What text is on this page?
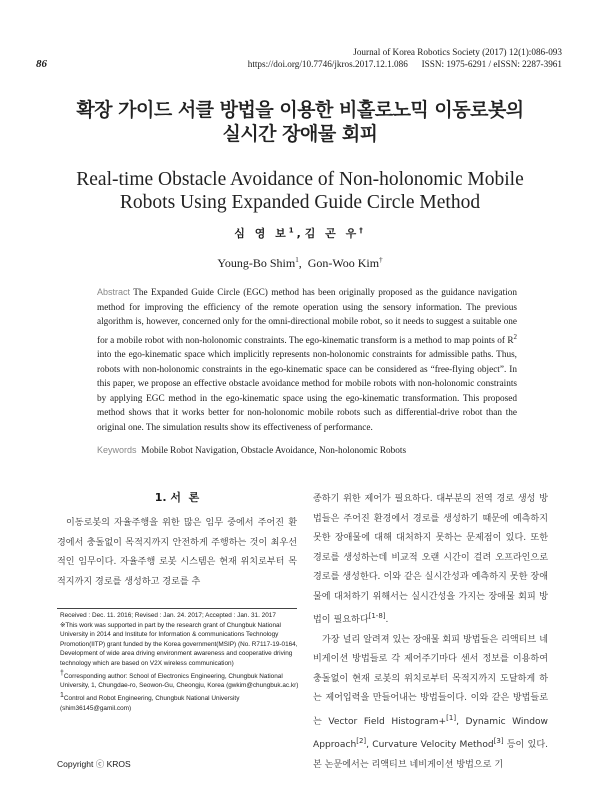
86
Journal of Korea Robotics Society (2017) 12(1):086-093
https://doi.org/10.7746/jkros.2017.12.1.086      ISSN: 1975-6291 / eISSN: 2287-3961
확장 가이드 서클 방법을 이용한 비홀로노믹 이동로봇의
실시간 장애물 회피
Real-time Obstacle Avoidance of Non-holonomic Mobile
Robots Using Expanded Guide Circle Method
심 영 보$^1$, 김 곤 우†
Young-Bo Shim$^1$,  Gon-Woo Kim†
Abstract The Expanded Guide Circle (EGC) method has been originally proposed as the guidance navigation method for improving the efficiency of the remote operation using the sensory information. The previous algorithm is, however, concerned only for the omni-directional mobile robot, so it needs to suggest a suitable one for a mobile robot with non-holonomic constraints. The ego-kinematic transform is a method to map points of $R^2$ into the ego-kinematic space which implicitly represents non-holonomic constraints for admissible paths. Thus, robots with non-holonomic constraints in the ego-kinematic space can be considered as “free-flying object”. In this paper, we propose an effective obstacle avoidance method for mobile robots with non-holonomic constraints by applying EGC method in the ego-kinematic space using the ego-kinematic transformation. This proposed method shows that it works better for non-holonomic mobile robots such as differential-drive robot than the original one. The simulation results show its effectiveness of performance.
Keywords  Mobile Robot Navigation, Obstacle Avoidance, Non-holonomic Robots
1. 서  론
이동로봇의 자율주행을 위한 많은 임무 중에서 주어진 환경에서 충돌없이 목적지까지 안전하게 주행하는 것이 최우선적인 임무이다. 자율주행 로봇 시스템은 현재 위치로부터 목적지까지 경로를 생성하고 경로를 추
종하기 위한 제어가 필요하다. 대부분의 전역 경로 생성 방법들은 주어진 환경에서 경로를 생성하기 때문에 예측하지 못한 장애물에 대해 대처하지 못하는 문제점이 있다. 또한 경로를 생성하는데 비교적 오랜 시간이 걸려 오프라인으로 경로를 생성한다. 이와 같은 실시간성과 예측하지 못한 장애물에 대처하기 위해서는 실시간성을 가지는 장애물 회피 방법이 필요하다[1-8].
가장 널리 알려져 있는 장애물 회피 방법들은 리액티브 네비게이션 방법들로 각 제어주기마다 센서 정보를 이용하여 충돌없이 현재 로봇의 위치로부터 목적지까지 도달하게 하는 제어입력을 만들어내는 방법들이다. 이와 같은 방법들로는 Vector Field Histogram+[1], Dynamic Window Approach[2], Curvature Velocity Method[3] 등이 있다. 본 논문에서는 리액티브 네비게이션 방법으로 기

Received : Dec. 11. 2016; Revised : Jan. 24. 2017; Accepted : Jan. 31. 2017

※This work was supported in part by the research grant of Chungbuk National University in 2014 and Institute for Information & communications Technology Promotion(IITP) grant funded by the Korea government(MSIP) (No. R7117-19-0164, Development of wide area driving environment awareness and cooperative driving technology which are based on V2X wireless communication)

†Corresponding author: School of Electronics Engineering, Chungbuk National University, 1, Chungdae-ro, Seowon-Gu, Cheongju, Korea (gwkim@chungbuk.ac.kr)

$^1$Control and Robot Engineering, Chungbuk National University (shim36145@gamil.com)

Copyright ⓒ KROS
